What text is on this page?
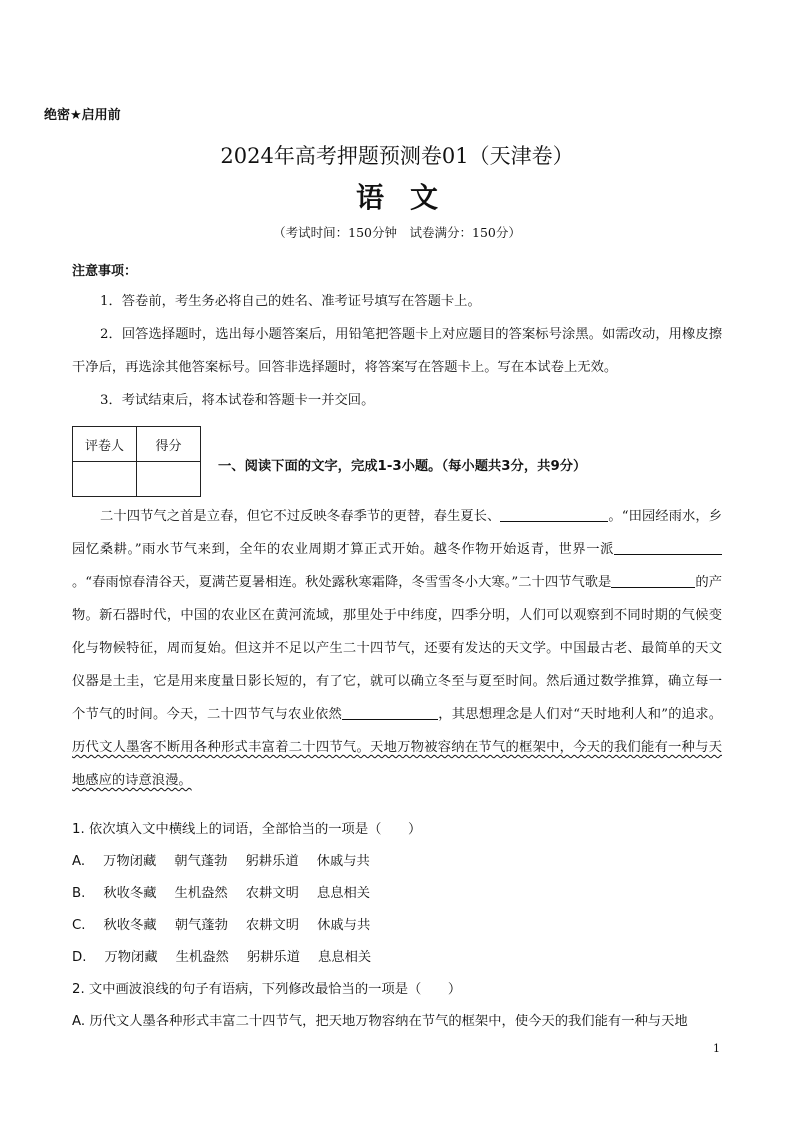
绝密★启用前
2024年高考押题预测卷01（天津卷）
语文
（考试时间：150分钟　试卷满分：150分）
注意事项：

1．答卷前，考生务必将自己的姓名、准考证号填写在答题卡上。

2．回答选择题时，选出每小题答案后，用铅笔把答题卡上对应题目的答案标号涂黑。如需改动，用橡皮擦干净后，再选涂其他答案标号。回答非选择题时，将答案写在答题卡上。写在本试卷上无效。

3．考试结束后，将本试卷和答题卡一并交回。

评卷人	得分

一、阅读下面的文字，完成1-3小题。（每小题共3分，共9分）

二十四节气之首是立春，但它不过反映冬春季节的更替，春生夏长、	。“田园经雨水，乡园忆桑耕。”雨水节气来到，全年的农业周期才算正式开始。越冬作物开始返青，世界一派。“春雨惊春清谷天，夏满芒夏暑相连。秋处露秋寒霜降，冬雪雪冬小大寒。”二十四节气歌是	的产物。新石器时代，中国的农业区在黄河流域，那里处于中纬度，四季分明，人们可以观察到不同时期的气候变化与物候特征，周而复始。但这并不足以产生二十四节气，还要有发达的天文学。中国最古老、最简单的天文仪器是土圭，它是用来度量日影长短的，有了它，就可以确立冬至与夏至时间。然后通过数学推算，确立每一个节气的时间。今天，二十四节气与农业依然	，其思想理念是人们对“天时地利人和”的追求。历代文人墨客不断用各种形式丰富着二十四节气。天地万物被容纳在节气的框架中，今天的我们能有一种与天地感应的诗意浪漫。

1. 依次填入文中横线上的词语，全部恰当的一项是（　　）
A. 万物闭藏 朝气蓬勃 躬耕乐道 休戚与共
B. 秋收冬藏 生机盎然 农耕文明 息息相关
C. 秋收冬藏 朝气蓬勃 农耕文明 休戚与共
D. 万物闭藏 生机盎然 躬耕乐道 息息相关
2. 文中画波浪线的句子有语病，下列修改最恰当的一项是（　　）
A. 历代文人墨各种形式丰富二十四节气，把天地万物容纳在节气的框架中，使今天的我们能有一种与天地
1
